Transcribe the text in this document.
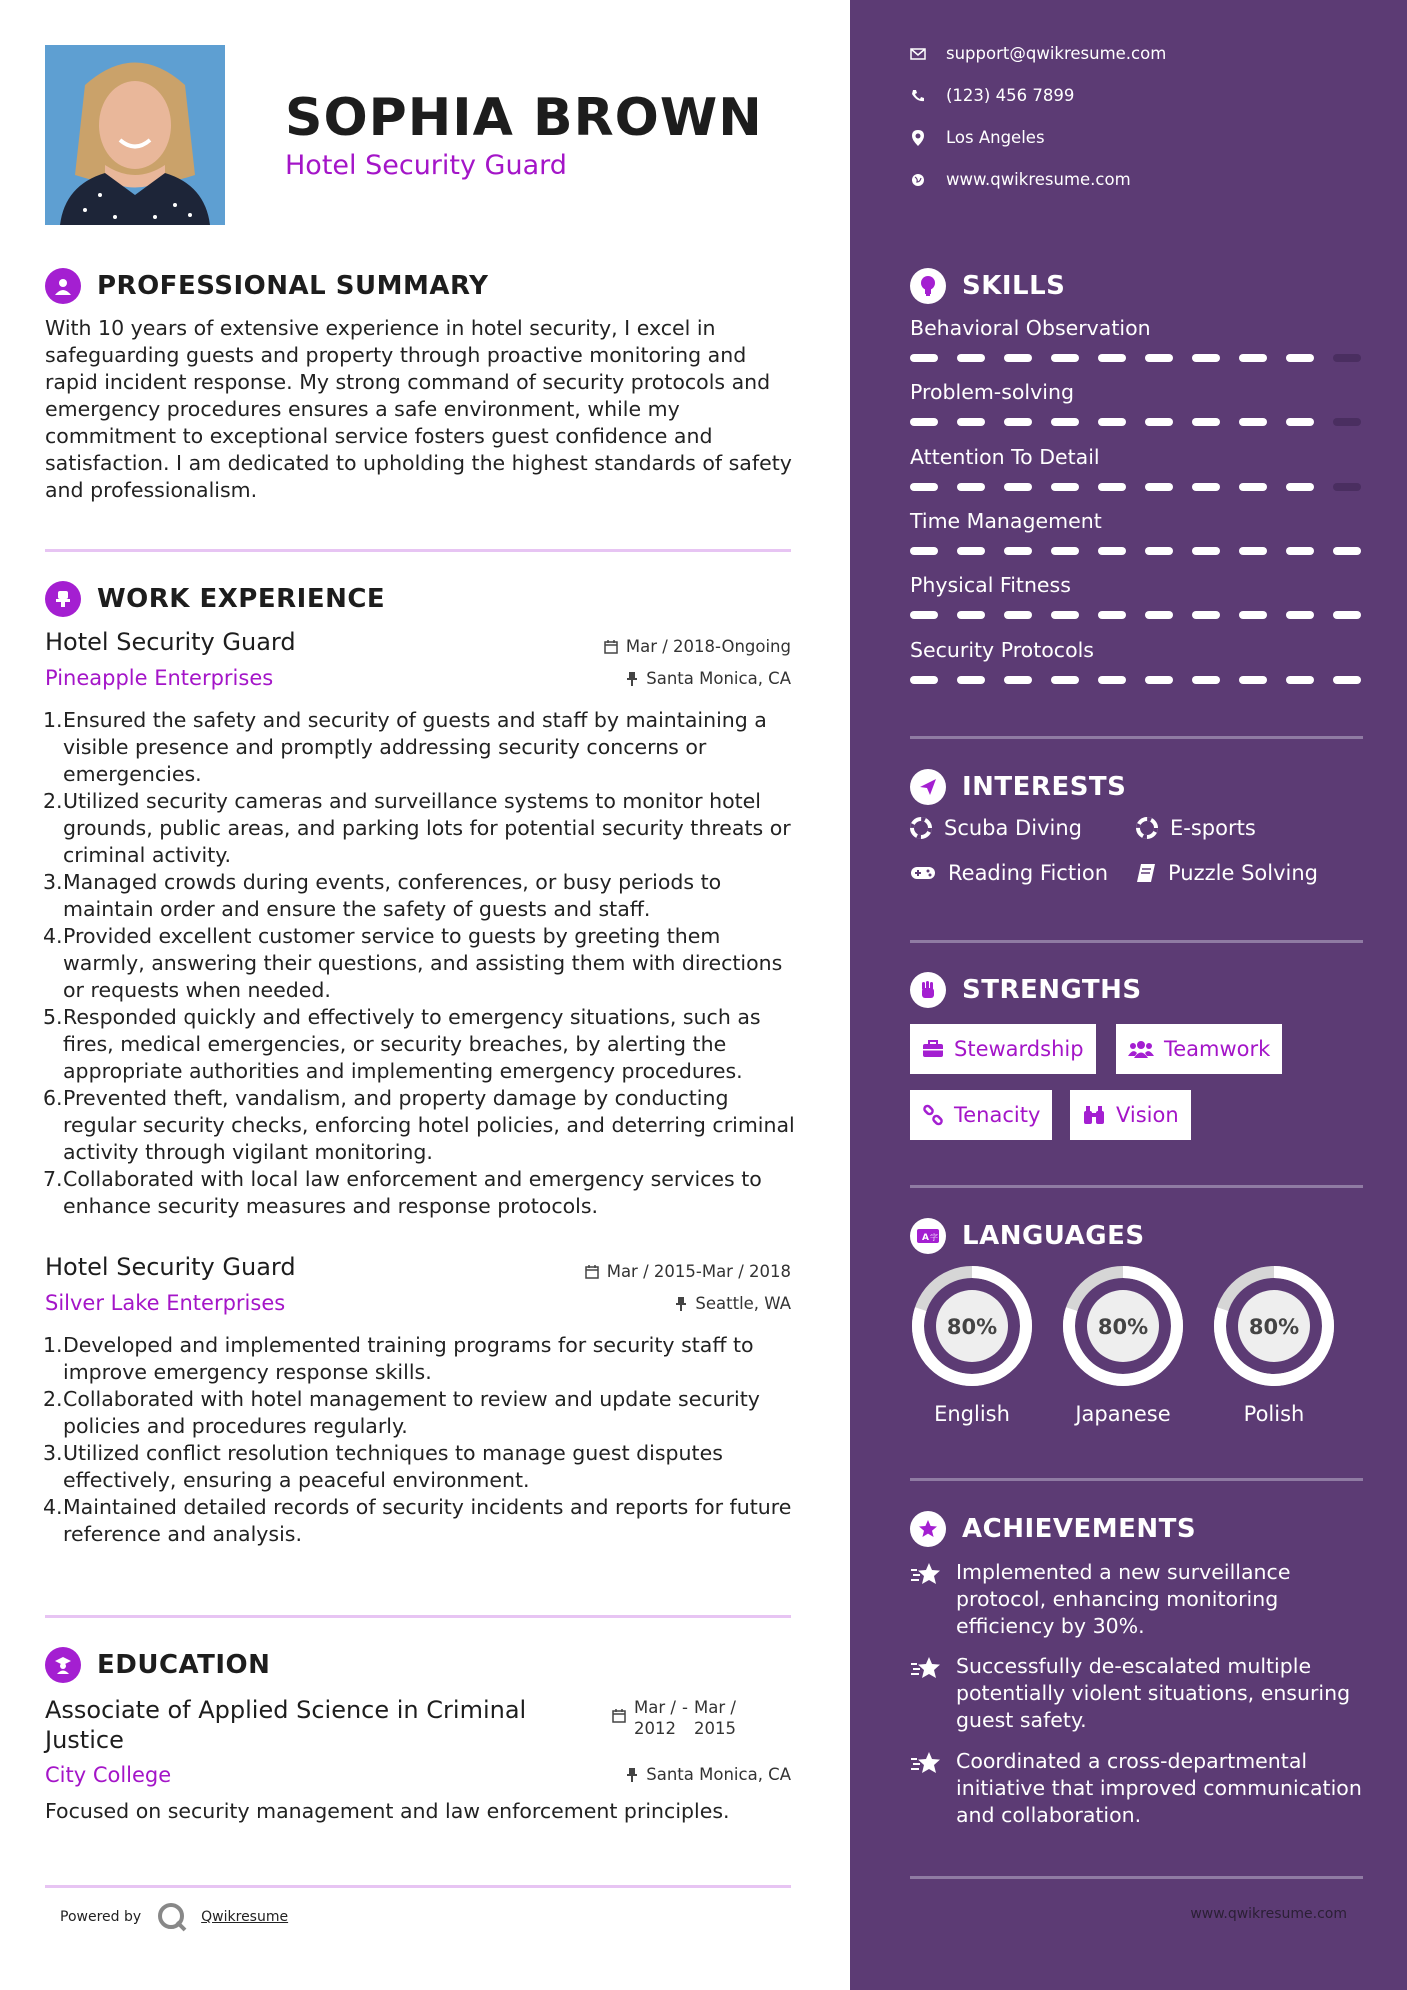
SOPHIA BROWN
Hotel Security Guard
PROFESSIONAL SUMMARY
With 10 years of extensive experience in hotel security, I excel in safeguarding guests and property through proactive monitoring and rapid incident response. My strong command of security protocols and emergency procedures ensures a safe environment, while my commitment to exceptional service fosters guest confidence and satisfaction. I am dedicated to upholding the highest standards of safety and professionalism.
WORK EXPERIENCE
Hotel Security Guard
Pineapple Enterprises
Mar / 2018-Ongoing
Santa Monica, CA
1. Ensured the safety and security of guests and staff by maintaining a visible presence and promptly addressing security concerns or emergencies.
2. Utilized security cameras and surveillance systems to monitor hotel grounds, public areas, and parking lots for potential security threats or criminal activity.
3. Managed crowds during events, conferences, or busy periods to maintain order and ensure the safety of guests and staff.
4. Provided excellent customer service to guests by greeting them warmly, answering their questions, and assisting them with directions or requests when needed.
5. Responded quickly and effectively to emergency situations, such as fires, medical emergencies, or security breaches, by alerting the appropriate authorities and implementing emergency procedures.
6. Prevented theft, vandalism, and property damage by conducting regular security checks, enforcing hotel policies, and deterring criminal activity through vigilant monitoring.
7. Collaborated with local law enforcement and emergency services to enhance security measures and response protocols.
Hotel Security Guard
Silver Lake Enterprises
Mar / 2015-Mar / 2018
Seattle, WA
1. Developed and implemented training programs for security staff to improve emergency response skills.
2. Collaborated with hotel management to review and update security policies and procedures regularly.
3. Utilized conflict resolution techniques to manage guest disputes effectively, ensuring a peaceful environment.
4. Maintained detailed records of security incidents and reports for future reference and analysis.
EDUCATION
Associate of Applied Science in Criminal
Justice
City College
Mar /
2012
- Mar /
2015
Santa Monica, CA
Focused on security management and law enforcement principles.
Powered by	Qwikresume
support@qwikresume.com
(123) 456 7899
Los Angeles
www.qwikresume.com
SKILLS
Behavioral Observation
Problem-solving
Attention To Detail
Time Management
Physical Fitness
Security Protocols
INTERESTS
Scuba Diving	E-sports
Reading Fiction	Puzzle Solving
STRENGTHS
Stewardship	Teamwork
Tenacity	Vision
A 字 LANGUAGES
80%
English
80%
Japanese
80%
Polish
ACHIEVEMENTS
Implemented a new surveillance protocol, enhancing monitoring efficiency by 30%.
Successfully de-escalated multiple potentially violent situations, ensuring guest safety.
Coordinated a cross-departmental initiative that improved communication and collaboration.
www.qwikresume.com
